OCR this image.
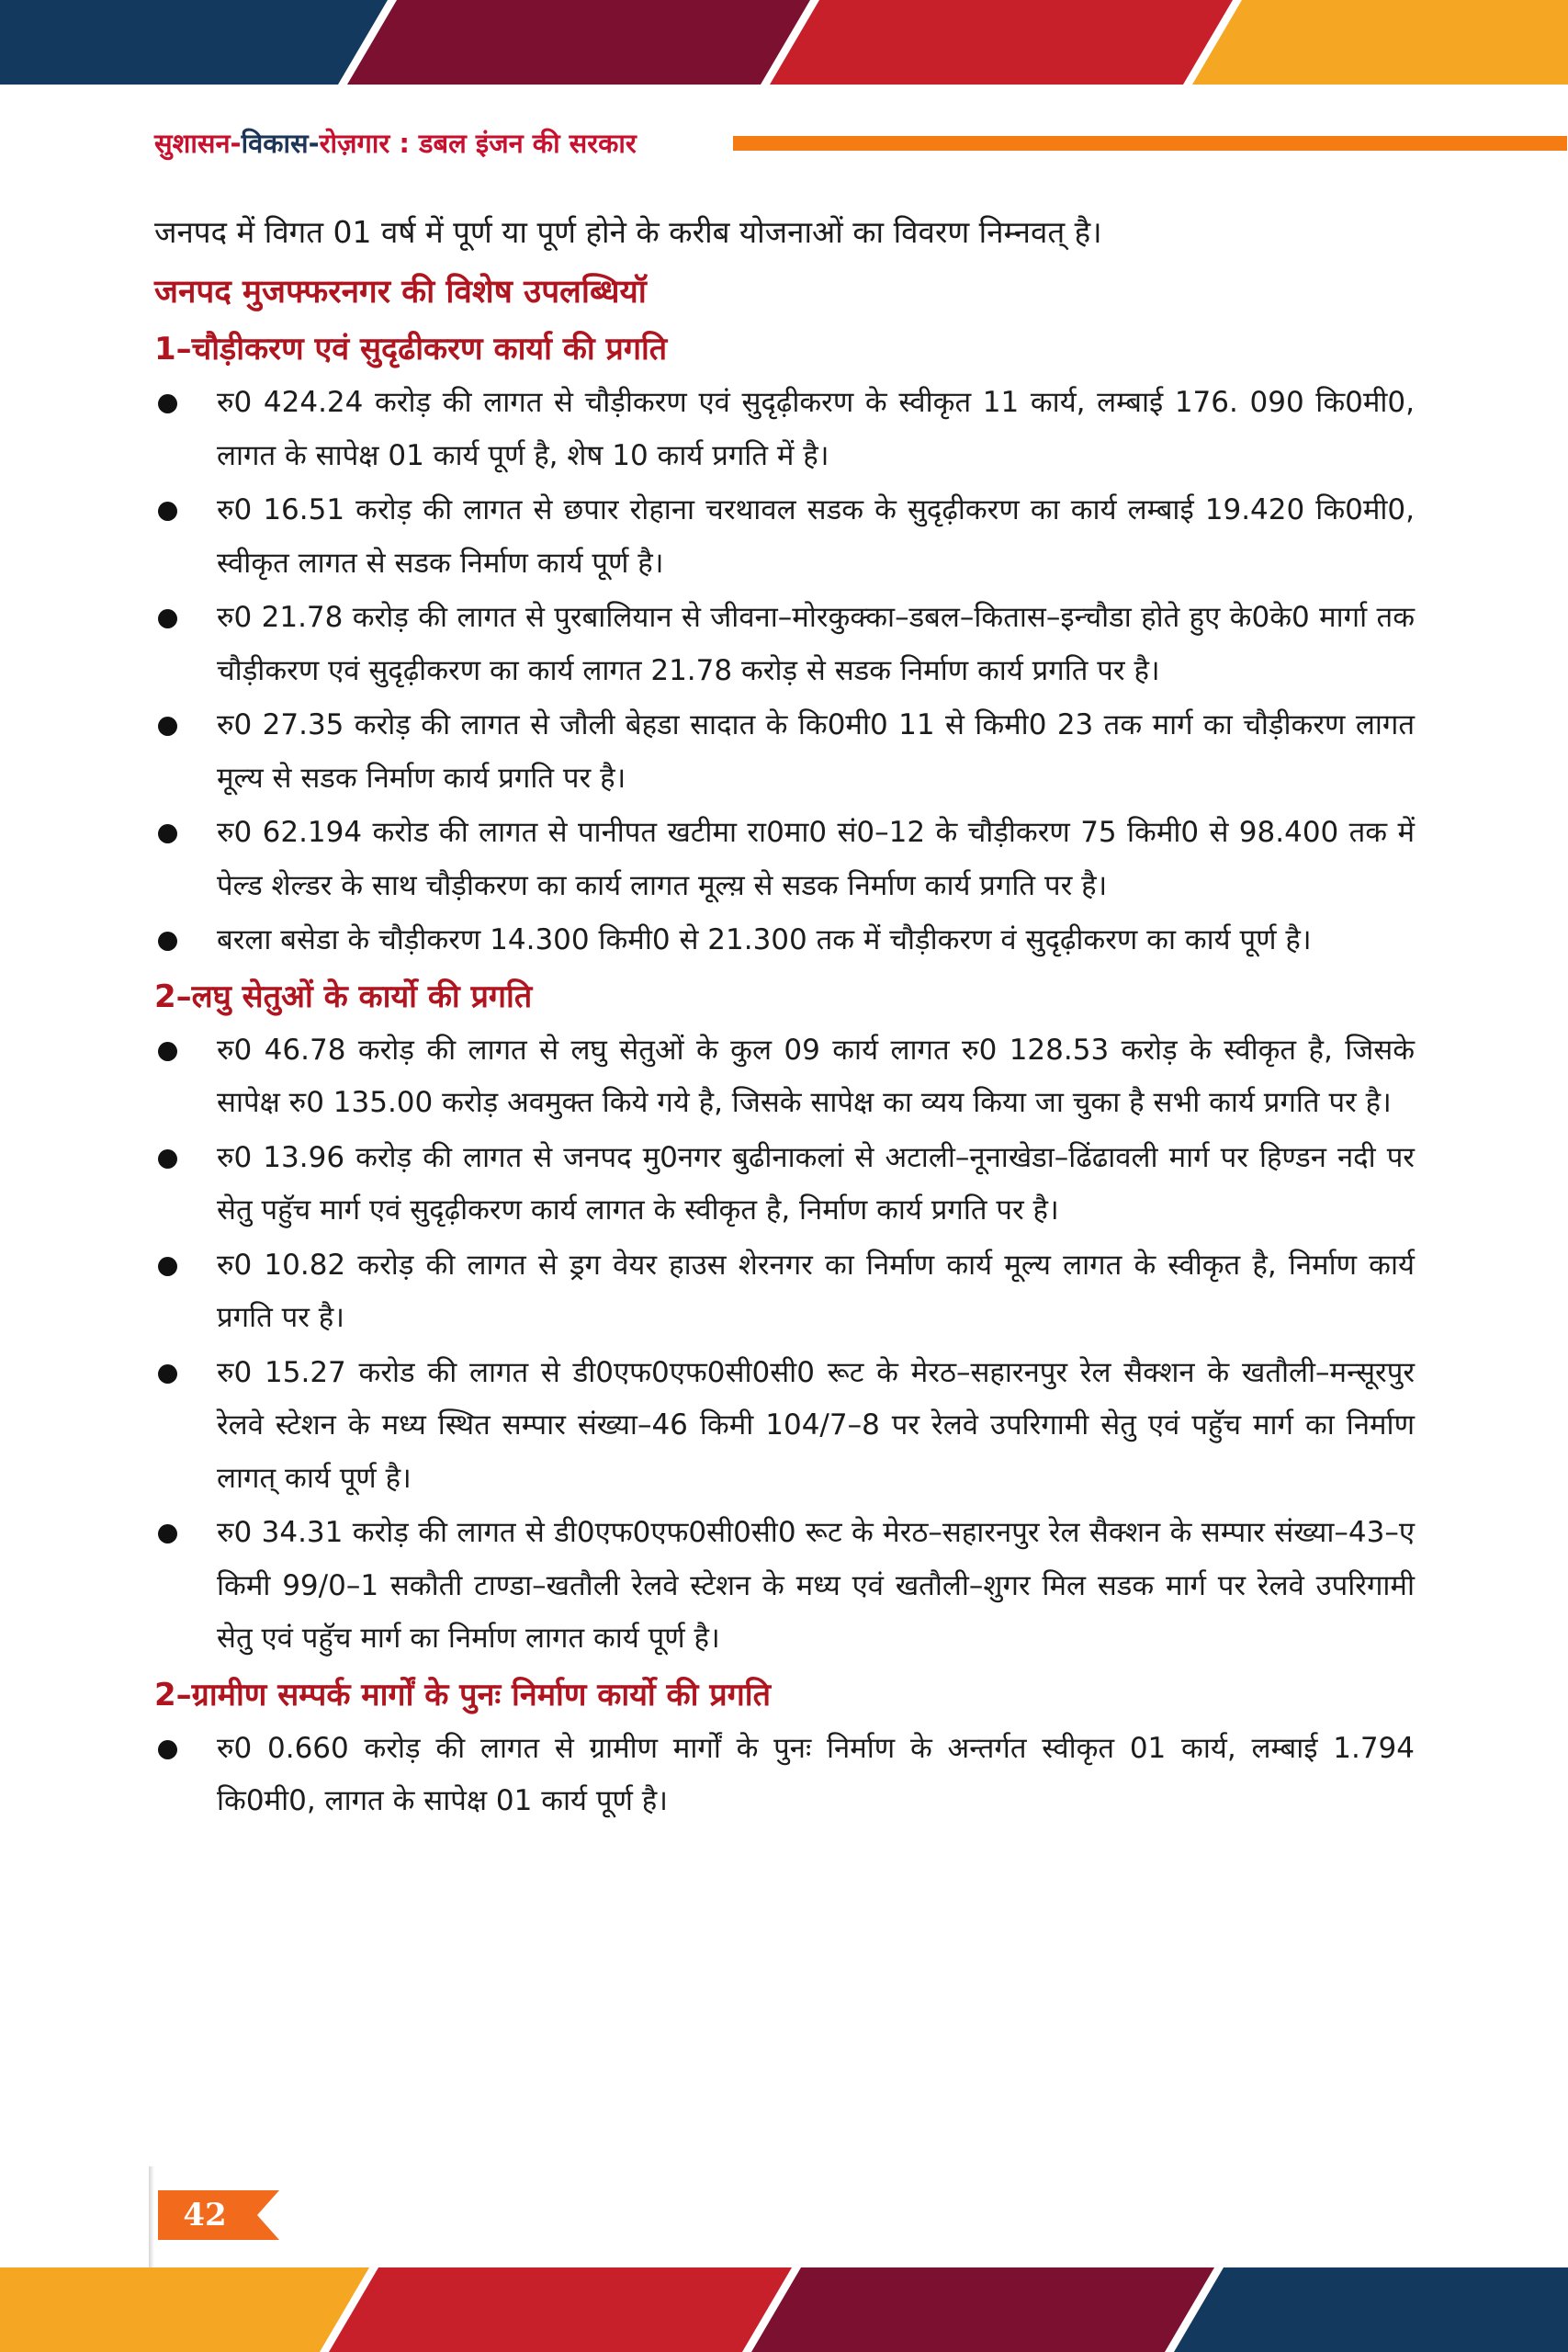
सुशासन-विकास-रोज़गार : डबल इंजन की सरकार

जनपद में विगत 01 वर्ष में पूर्ण या पूर्ण होने के करीब योजनाओं का विवरण निम्नवत् है।

जनपद मुजफ्फरनगर की विशेष उपलब्धियॉ
1–चौड़ीकरण एवं सुदृढीकरण कार्या की प्रगति
रु0 424.24 करोड़ की लागत से चौड़ीकरण एवं सुदृढ़ीकरण के स्वीकृत 11 कार्य, लम्बाई 176. 090 कि0मी0, लागत के सापेक्ष 01 कार्य पूर्ण है, शेष 10 कार्य प्रगति में है।
रु0 16.51 करोड़ की लागत से छपार रोहाना चरथावल सडक के सुदृढ़ीकरण का कार्य लम्बाई 19.420 कि0मी0, स्वीकृत लागत से सडक निर्माण कार्य पूर्ण है।
रु0 21.78 करोड़ की लागत से पुरबालियान से जीवना–मोरकुक्का–डबल–कितास–इन्चौडा होते हुए के0के0 मार्गा तक चौड़ीकरण एवं सुदृढ़ीकरण का कार्य लागत 21.78 करोड़ से सडक निर्माण कार्य प्रगति पर है।
रु0 27.35 करोड़ की लागत से जौली बेहडा सादात के कि0मी0 11 से किमी0 23 तक मार्ग का चौड़ीकरण लागत मूल्य से सडक निर्माण कार्य प्रगति पर है।
रु0 62.194 करोड की लागत से पानीपत खटीमा रा0मा0 सं0–12 के चौड़ीकरण 75 किमी0 से 98.400 तक में पेल्ड शेल्डर के साथ चौड़ीकरण का कार्य लागत मूल्य़ से सडक निर्माण कार्य प्रगति पर है।
बरला बसेडा के चौड़ीकरण 14.300 किमी0 से 21.300 तक में चौड़ीकरण वं सुदृढ़ीकरण का कार्य पूर्ण है।
2–लघु सेतुओं के कार्यो की प्रगति
रु0 46.78 करोड़ की लागत से लघु सेतुओं के कुल 09 कार्य लागत रु0 128.53 करोड़ के स्वीकृत है, जिसके सापेक्ष रु0 135.00 करोड़ अवमुक्त किये गये है, जिसके सापेक्ष का व्यय किया जा चुका है सभी कार्य प्रगति पर है।
रु0 13.96 करोड़ की लागत से जनपद मु0नगर बुढीनाकलां से अटाली–नूनाखेडा–ढिंढावली मार्ग पर हिण्डन नदी पर सेतु पहुॅच मार्ग एवं सुदृढ़ीकरण कार्य लागत के स्वीकृत है, निर्माण कार्य प्रगति पर है।
रु0 10.82 करोड़ की लागत से ड्रग वेयर हाउस शेरनगर का निर्माण कार्य मूल्य लागत के स्वीकृत है, निर्माण कार्य प्रगति पर है।
रु0 15.27 करोड की लागत से डी0एफ0एफ0सी0सी0 रूट के मेरठ–सहारनपुर रेल सैक्शन के खतौली–मन्सूरपुर रेलवे स्टेशन के मध्य स्थित सम्पार संख्या–46 किमी 104/7–8 पर रेलवे उपरिगामी सेतु एवं पहुॅच मार्ग का निर्माण लागत् कार्य पूर्ण है।
रु0 34.31 करोड़ की लागत से डी0एफ0एफ0सी0सी0 रूट के मेरठ–सहारनपुर रेल सैक्शन के सम्पार संख्या–43–ए किमी 99/0–1 सकौती टाण्डा–खतौली रेलवे स्टेशन के मध्य एवं खतौली–शुगर मिल सडक मार्ग पर रेलवे उपरिगामी सेतु एवं पहुॅच मार्ग का निर्माण लागत कार्य पूर्ण है।
2–ग्रामीण सम्पर्क मार्गों के पुनः निर्माण कार्यो की प्रगति
रु0 0.660 करोड़ की लागत से ग्रामीण मार्गों के पुनः निर्माण के अन्तर्गत स्वीकृत 01 कार्य, लम्बाई 1.794 कि0मी0, लागत के सापेक्ष 01 कार्य पूर्ण है।
42
